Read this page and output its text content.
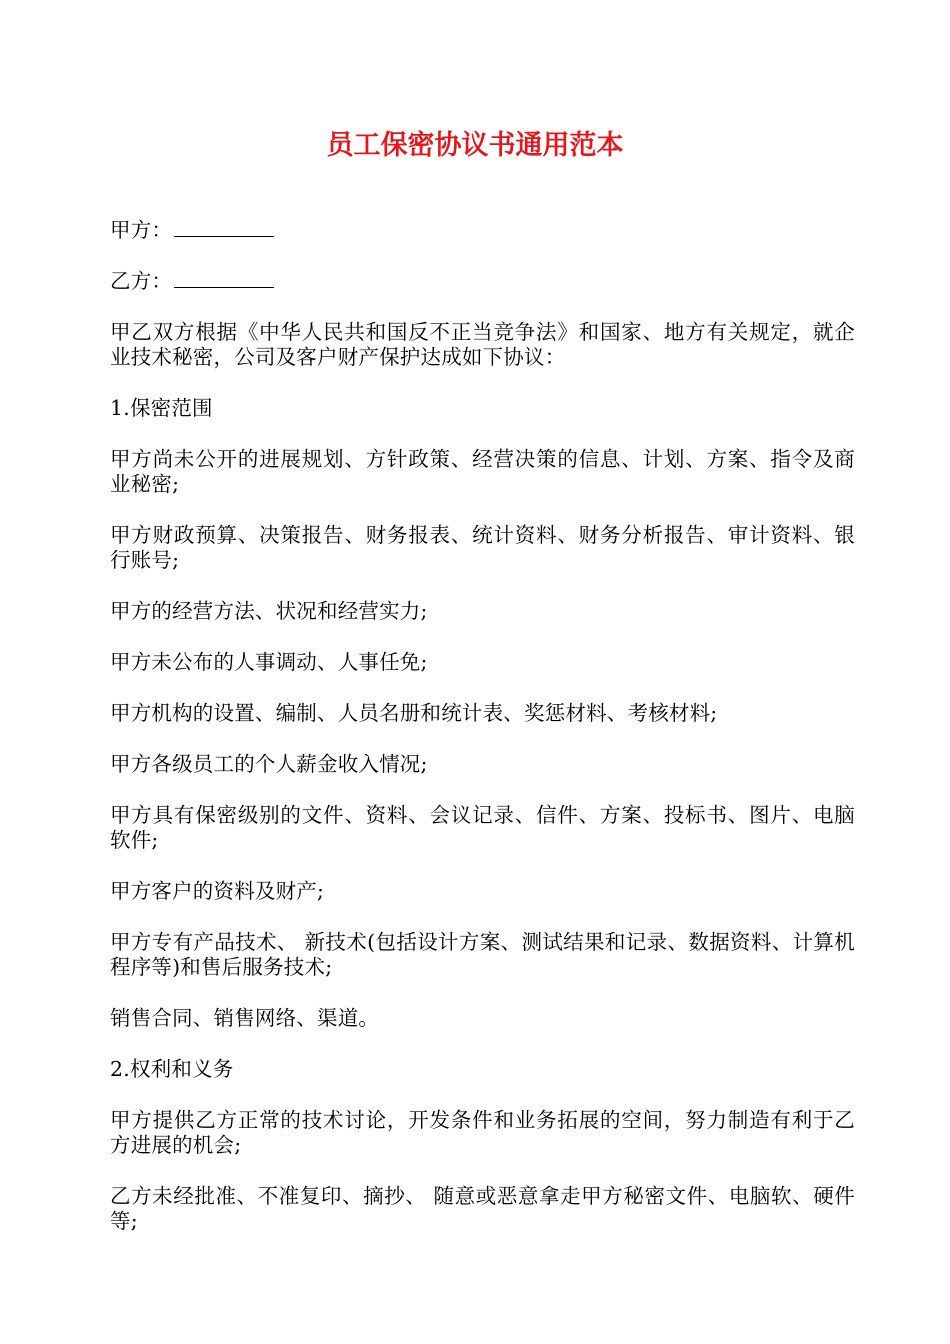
员工保密协议书通用范本

甲方：

乙方：

甲乙双方根据《中华人民共和国反不正当竞争法》和国家、地方有关规定，就企业技术秘密，公司及客户财产保护达成如下协议：

1.保密范围

甲方尚未公开的进展规划、方针政策、经营决策的信息、计划、方案、指令及商业秘密;

甲方财政预算、决策报告、财务报表、统计资料、财务分析报告、审计资料、银行账号;

甲方的经营方法、状况和经营实力;

甲方未公布的人事调动、人事任免;

甲方机构的设置、编制、人员名册和统计表、奖惩材料、考核材料;

甲方各级员工的个人薪金收入情况;

甲方具有保密级别的文件、资料、会议记录、信件、方案、投标书、图片、电脑软件;

甲方客户的资料及财产;

甲方专有产品技术、 新技术(包括设计方案、测试结果和记录、数据资料、计算机程序等)和售后服务技术;

销售合同、销售网络、渠道。

2.权利和义务

甲方提供乙方正常的技术讨论，开发条件和业务拓展的空间，努力制造有利于乙方进展的机会;

乙方未经批准、不准复印、摘抄、 随意或恶意拿走甲方秘密文件、电脑软、硬件等;
